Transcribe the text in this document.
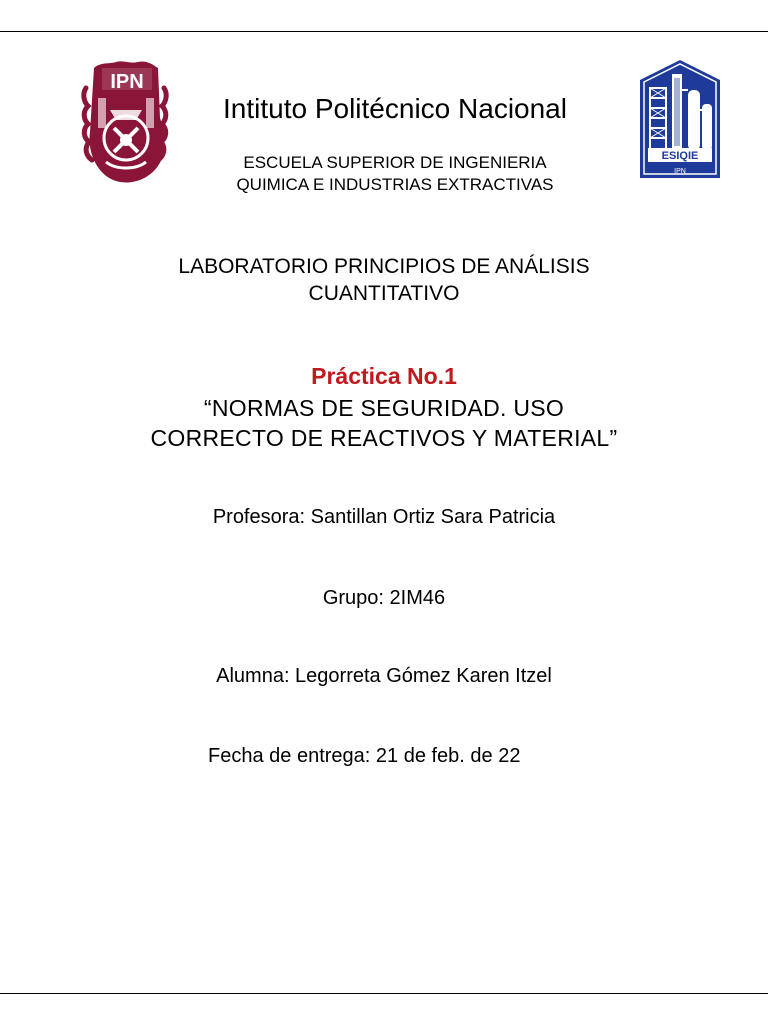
IPN
ESIQIE
IPN
Intituto Politécnico Nacional
ESCUELA SUPERIOR DE INGENIERIA
QUIMICA E INDUSTRIAS EXTRACTIVAS
LABORATORIO PRINCIPIOS DE ANÁLISIS
CUANTITATIVO
Práctica No.1
“NORMAS DE SEGURIDAD. USO
CORRECTO DE REACTIVOS Y MATERIAL”
Profesora: Santillan Ortiz Sara Patricia
Grupo: 2IM46
Alumna: Legorreta Gómez Karen Itzel
Fecha de entrega: 21 de feb. de 22
